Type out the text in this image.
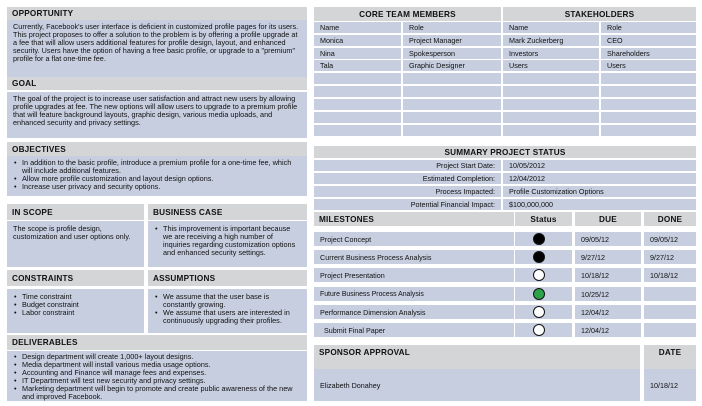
OPPORTUNITY
Currently, Facebook's user interface is deficient in customized profile pages for its users. This project proposes to offer a solution to the problem is by offering a profile upgrade at a fee that will allow users additional features for profile design, layout, and enhanced security. Users have the option of having a free basic profile, or upgrade to a "premium" profile for a flat one-time fee.
GOAL
The goal of the project is to increase user satisfaction and attract new users by allowing profile upgrades at fee. The new options will allow users to upgrade to a premium profile that will feature background layouts, graphic design, various media uploads, and enhanced security and privacy settings.
OBJECTIVES
• In addition to the basic profile, introduce a premium profile for a one-time fee, which will include additional features.
• Allow more profile customization and layout design options.
• Increase user privacy and security options.
IN SCOPE
The scope is profile design, customization and user options only.
BUSINESS CASE
• This improvement is important because we are receiving a high number of inquiries regarding customization options and enhanced security settings.
CONSTRAINTS
• Time constraint
• Budget constraint
• Labor constraint
ASSUMPTIONS
• We assume that the user base is constantly growing.
• We assume that users are interested in continuously upgrading their profiles.
DELIVERABLES
• Design department will create 1,000+ layout designs.
• Media department will install various media usage options.
• Accounting and Finance will manage fees and expenses.
• IT Department will test new security and privacy settings.
• Marketing department will begin to promote and create public awareness of the new and improved Facebook.
CORE TEAM MEMBERS	STAKEHOLDERS
Name	Role	Name	Role
Monica	Project Manager	Mark Zuckerberg	CEO
Nina	Spokesperson	Investors	Shareholders
Tala	Graphic Designer	Users	Users
SUMMARY PROJECT STATUS
Project Start Date:	10/05/2012
Estimated Completion:	12/04/2012
Process Impacted:	Profile Customization Options
Potential Financial Impact:	$100,000,000
MILESTONES	Status	DUE	DONE
Project Concept	09/05/12	09/05/12
Current Business Process Analysis	9/27/12	9/27/12
Project Presentation	10/18/12	10/18/12
Future Business Process Analysis	10/25/12
Performance Dimension Analysis	12/04/12
Submit Final Paper	12/04/12
SPONSOR APPROVAL	DATE
Elizabeth Donahey	10/18/12
